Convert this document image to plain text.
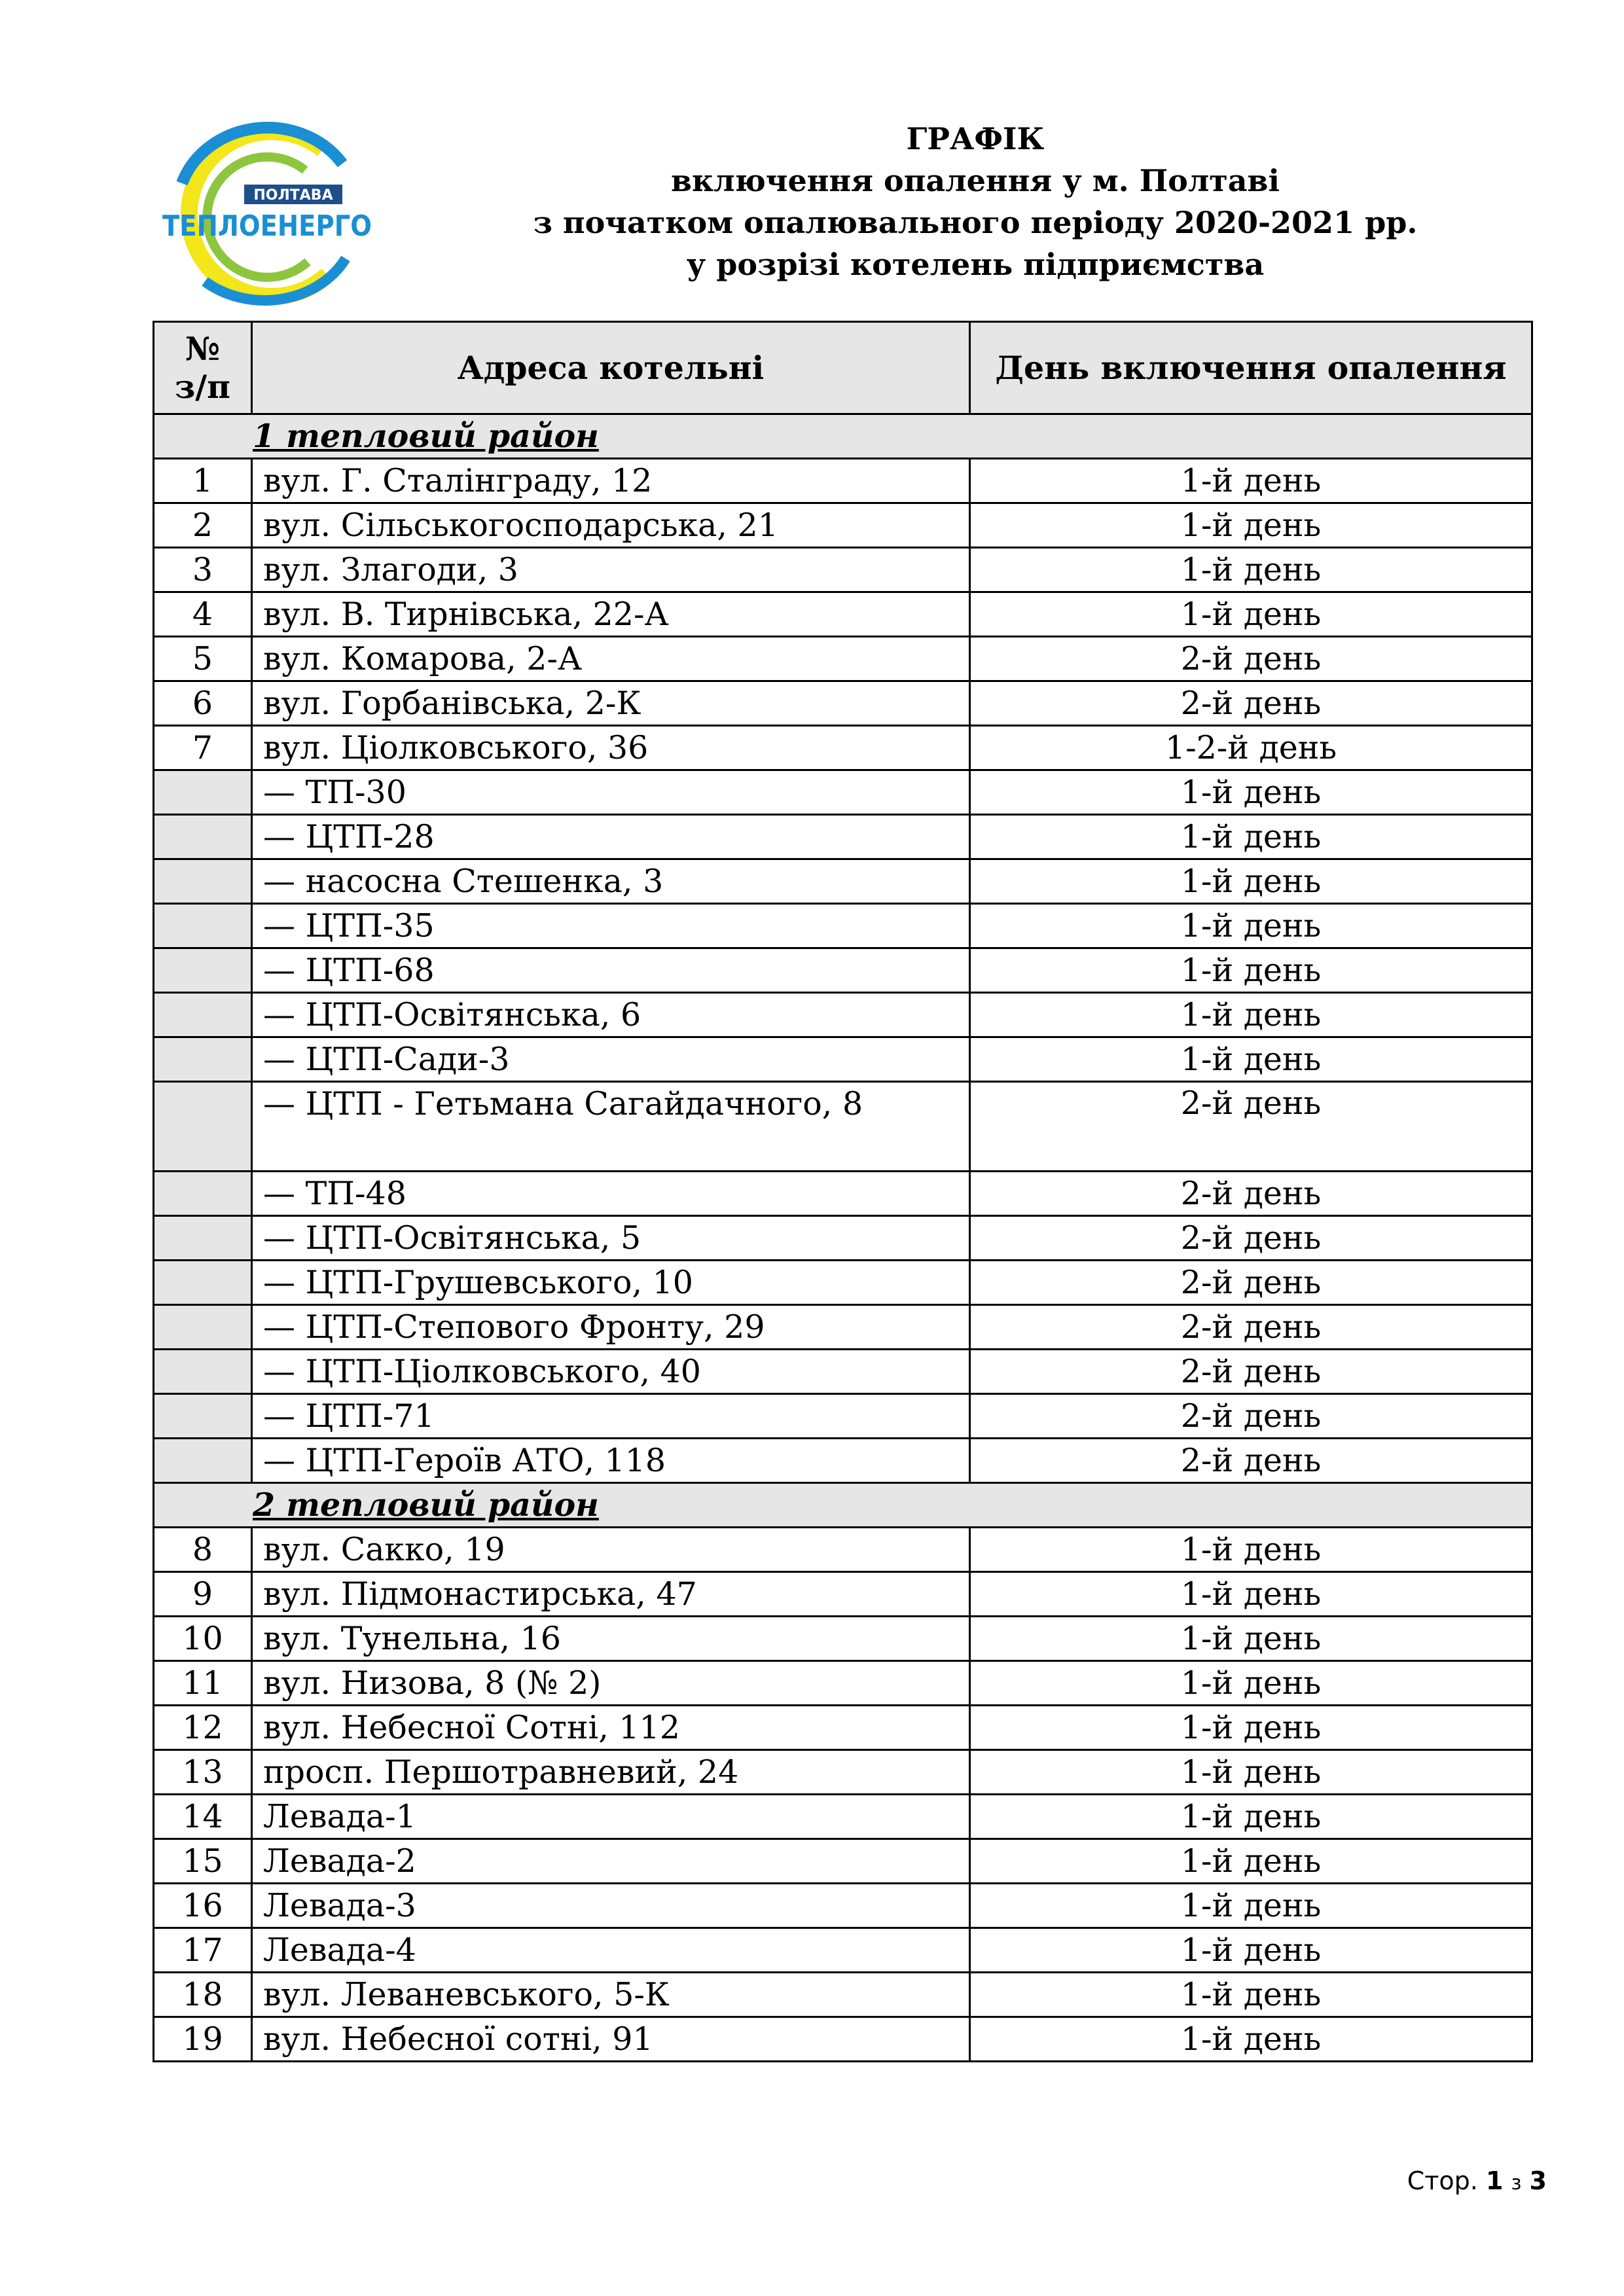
ПОЛТАВА
ТЕПЛОЕНЕРГО
ГРАФІК
включення опалення у м. Полтаві
з початком опалювального періоду 2020-2021 рр.
у розрізі котелень підприємства
№
з/п	Адреса котельні	День включення опалення
1 тепловий район		
1	вул. Г. Сталінграду, 12	1-й день
2	вул. Сільськогосподарська, 21	1-й день
3	вул. Злагоди, 3	1-й день
4	вул. В. Тирнівська, 22-А	1-й день
5	вул. Комарова, 2-А	2-й день
6	вул. Горбанівська, 2-К	2-й день
7	вул. Ціолковського, 36	1-2-й день
	— ТП-30	1-й день
	— ЦТП-28	1-й день
	— насосна Стешенка, 3	1-й день
	— ЦТП-35	1-й день
	— ЦТП-68	1-й день
	— ЦТП-Освітянська, 6	1-й день
	— ЦТП-Сади-3	1-й день
	— ЦТП - Гетьмана Сагайдачного, 8	2-й день
	— ТП-48	2-й день
	— ЦТП-Освітянська, 5	2-й день
	— ЦТП-Грушевського, 10	2-й день
	— ЦТП-Степового Фронту, 29	2-й день
	— ЦТП-Ціолковського, 40	2-й день
	— ЦТП-71	2-й день
	— ЦТП-Героїв АТО, 118	2-й день
2 тепловий район		
8	вул. Сакко, 19	1-й день
9	вул. Підмонастирська, 47	1-й день
10	вул. Тунельна, 16	1-й день
11	вул. Низова, 8 (№ 2)	1-й день
12	вул. Небесної Сотні, 112	1-й день
13	просп. Першотравневий, 24	1-й день
14	Левада-1	1-й день
15	Левада-2	1-й день
16	Левада-3	1-й день
17	Левада-4	1-й день
18	вул. Леваневського, 5-К	1-й день
19	вул. Небесної сотні, 91	1-й день
Стор. 1 з 3
